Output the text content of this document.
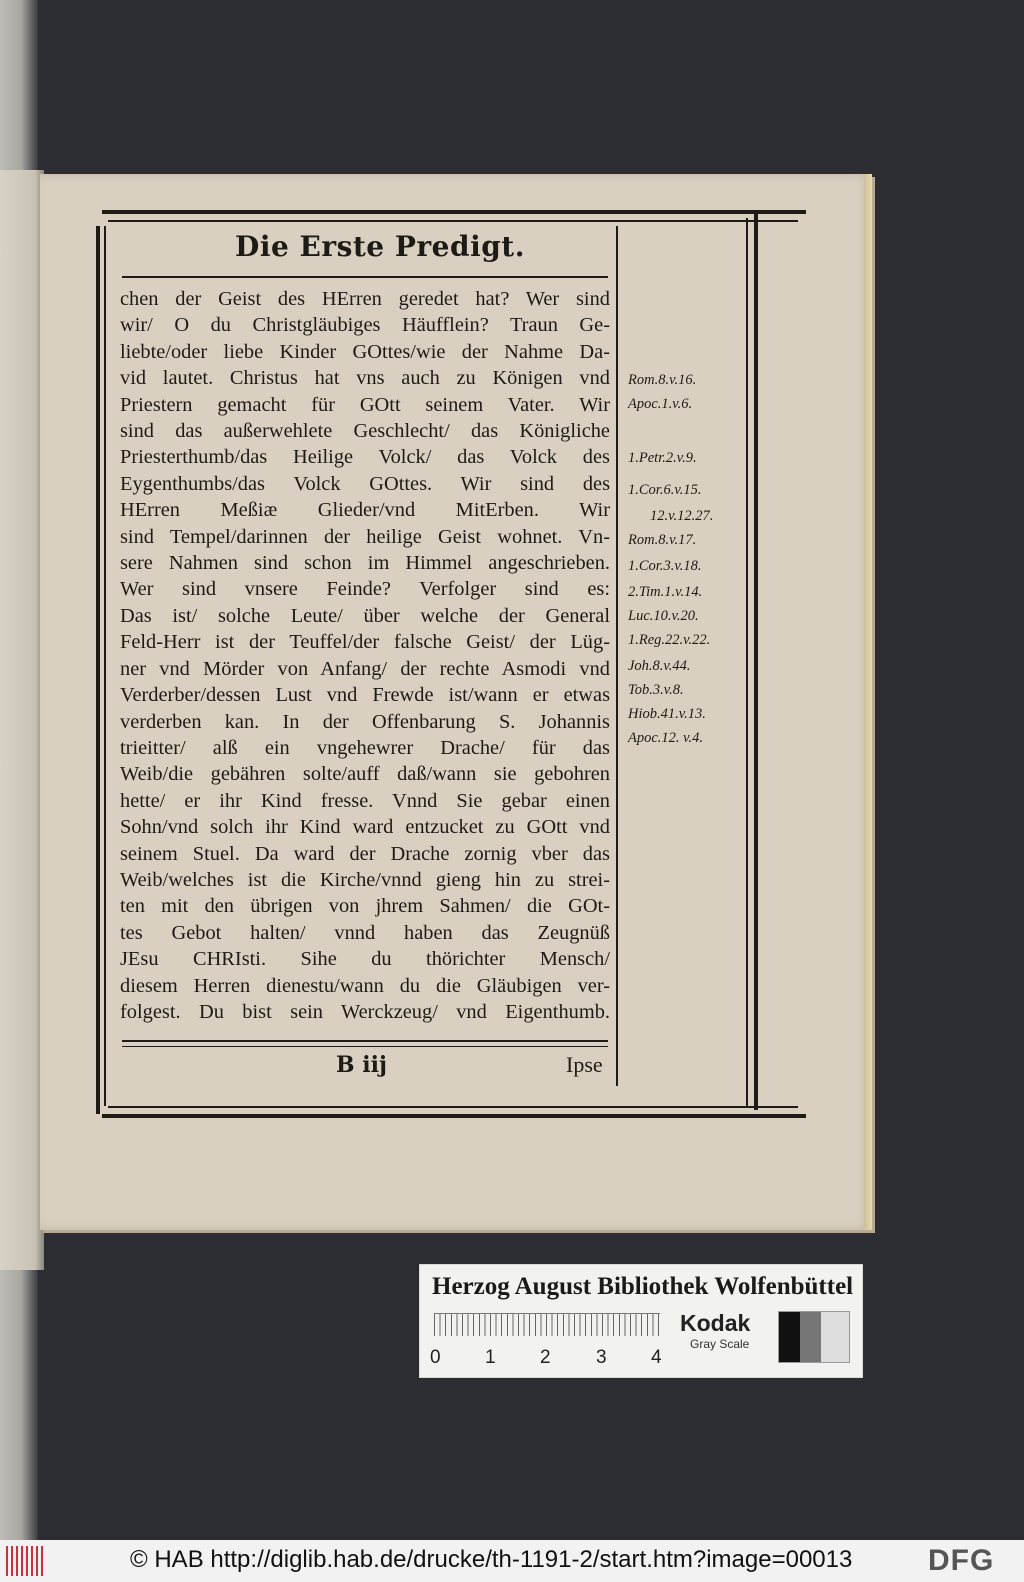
Die Erste Predigt.
chen der Geist des HErren geredet hat? Wer sind
wir/ O du Christgläubiges Häufflein? Traun Ge-
liebte/oder liebe Kinder GOttes/wie der Nahme Da-
vid lautet. Christus hat vns auch zu Königen vnd
Priestern gemacht für GOtt seinem Vater. Wir
sind das außerwehlete Geschlecht/ das Königliche
Priesterthumb/das Heilige Volck/ das Volck des
Eygenthumbs/das Volck GOttes. Wir sind des
HErren Meßiæ Glieder/vnd MitErben. Wir
sind Tempel/darinnen der heilige Geist wohnet. Vn-
sere Nahmen sind schon im Himmel angeschrieben.
Wer sind vnsere Feinde? Verfolger sind es:
Das ist/ solche Leute/ über welche der General
Feld-Herr ist der Teuffel/der falsche Geist/ der Lüg-
ner vnd Mörder von Anfang/ der rechte Asmodi vnd
Verderber/dessen Lust vnd Frewde ist/wann er etwas
verderben kan. In der Offenbarung S. Johannis
trieitter/ alß ein vngehewrer Drache/ für das
Weib/die gebähren solte/auff daß/wann sie gebohren
hette/ er ihr Kind fresse. Vnnd Sie gebar einen
Sohn/vnd solch ihr Kind ward entzucket zu GOtt vnd
seinem Stuel. Da ward der Drache zornig vber das
Weib/welches ist die Kirche/vnnd gieng hin zu strei-
ten mit den übrigen von jhrem Sahmen/ die GOt-
tes Gebot halten/ vnnd haben das Zeugnüß
JEsu CHRIsti. Sihe du thörichter Mensch/
diesem Herren dienestu/wann du die Gläubigen ver-
folgest. Du bist sein Werckzeug/ vnd Eigenthumb.
Rom.8.v.16.
Apoc.1.v.6.
1.Petr.2.v.9.
1.Cor.6.v.15.
12.v.12.27.
Rom.8.v.17.
1.Cor.3.v.18.
2.Tim.1.v.14.
Luc.10.v.20.
1.Reg.22.v.22.
Joh.8.v.44.
Tob.3.v.8.
Hiob.41.v.13.
Apoc.12. v.4.
B iij	Ipse
Herzog August Bibliothek Wolfenbüttel
0 1 2 3 4
Kodak
Gray Scale
© HAB http://diglib.hab.de/drucke/th-1191-2/start.htm?image=00013	DFG
